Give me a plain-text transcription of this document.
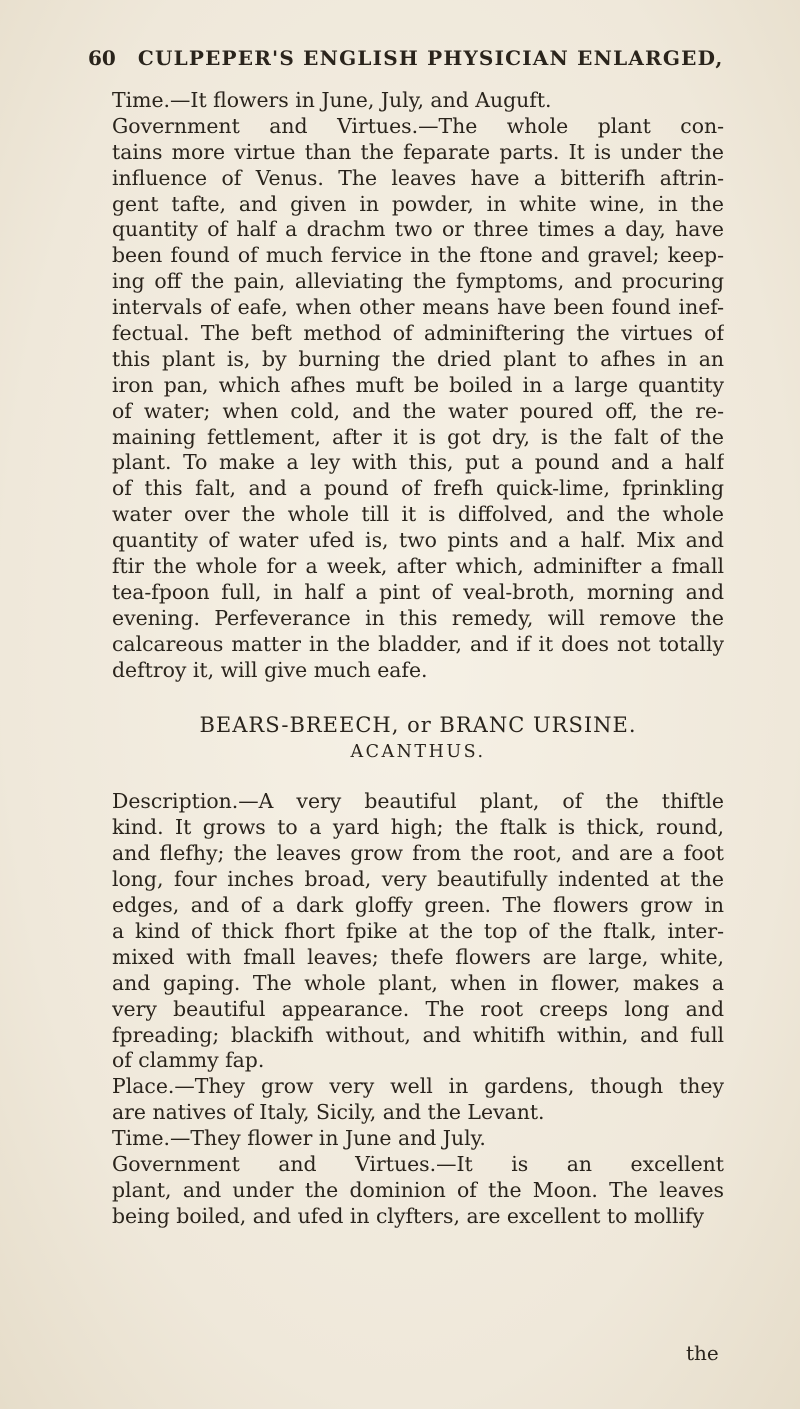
60 CULPEPER'S ENGLISH PHYSICIAN ENLARGED,
Time.—It flowers in June, July, and Auguft.
Government and Virtues.—The whole plant con-
tains more virtue than the feparate parts. It is under the
influence of Venus. The leaves have a bitterifh aftrin-
gent tafte, and given in powder, in white wine, in the
quantity of half a drachm two or three times a day, have
been found of much fervice in the ftone and gravel; keep-
ing off the pain, alleviating the fymptoms, and procuring
intervals of eafe, when other means have been found inef-
fectual. The beft method of adminiftering the virtues of
this plant is, by burning the dried plant to afhes in an
iron pan, which afhes muft be boiled in a large quantity
of water; when cold, and the water poured off, the re-
maining fettlement, after it is got dry, is the falt of the
plant. To make a ley with this, put a pound and a half
of this falt, and a pound of frefh quick-lime, fprinkling
water over the whole till it is diffolved, and the whole
quantity of water ufed is, two pints and a half. Mix and
ftir the whole for a week, after which, adminifter a fmall
tea-fpoon full, in half a pint of veal-broth, morning and
evening. Perfeverance in this remedy, will remove the
calcareous matter in the bladder, and if it does not totally
deftroy it, will give much eafe.
BEARS-BREECH, or BRANC URSINE.
ACANTHUS.
Description.—A very beautiful plant, of the thiftle
kind. It grows to a yard high; the ftalk is thick, round,
and flefhy; the leaves grow from the root, and are a foot
long, four inches broad, very beautifully indented at the
edges, and of a dark gloffy green. The flowers grow in
a kind of thick fhort fpike at the top of the ftalk, inter-
mixed with fmall leaves; thefe flowers are large, white,
and gaping. The whole plant, when in flower, makes a
very beautiful appearance. The root creeps long and
fpreading; blackifh without, and whitifh within, and full
of clammy fap.
Place.—They grow very well in gardens, though they
are natives of Italy, Sicily, and the Levant.
Time.—They flower in June and July.
Government and Virtues.—It is an excellent
plant, and under the dominion of the Moon. The leaves
being boiled, and ufed in clyfters, are excellent to mollify
the
